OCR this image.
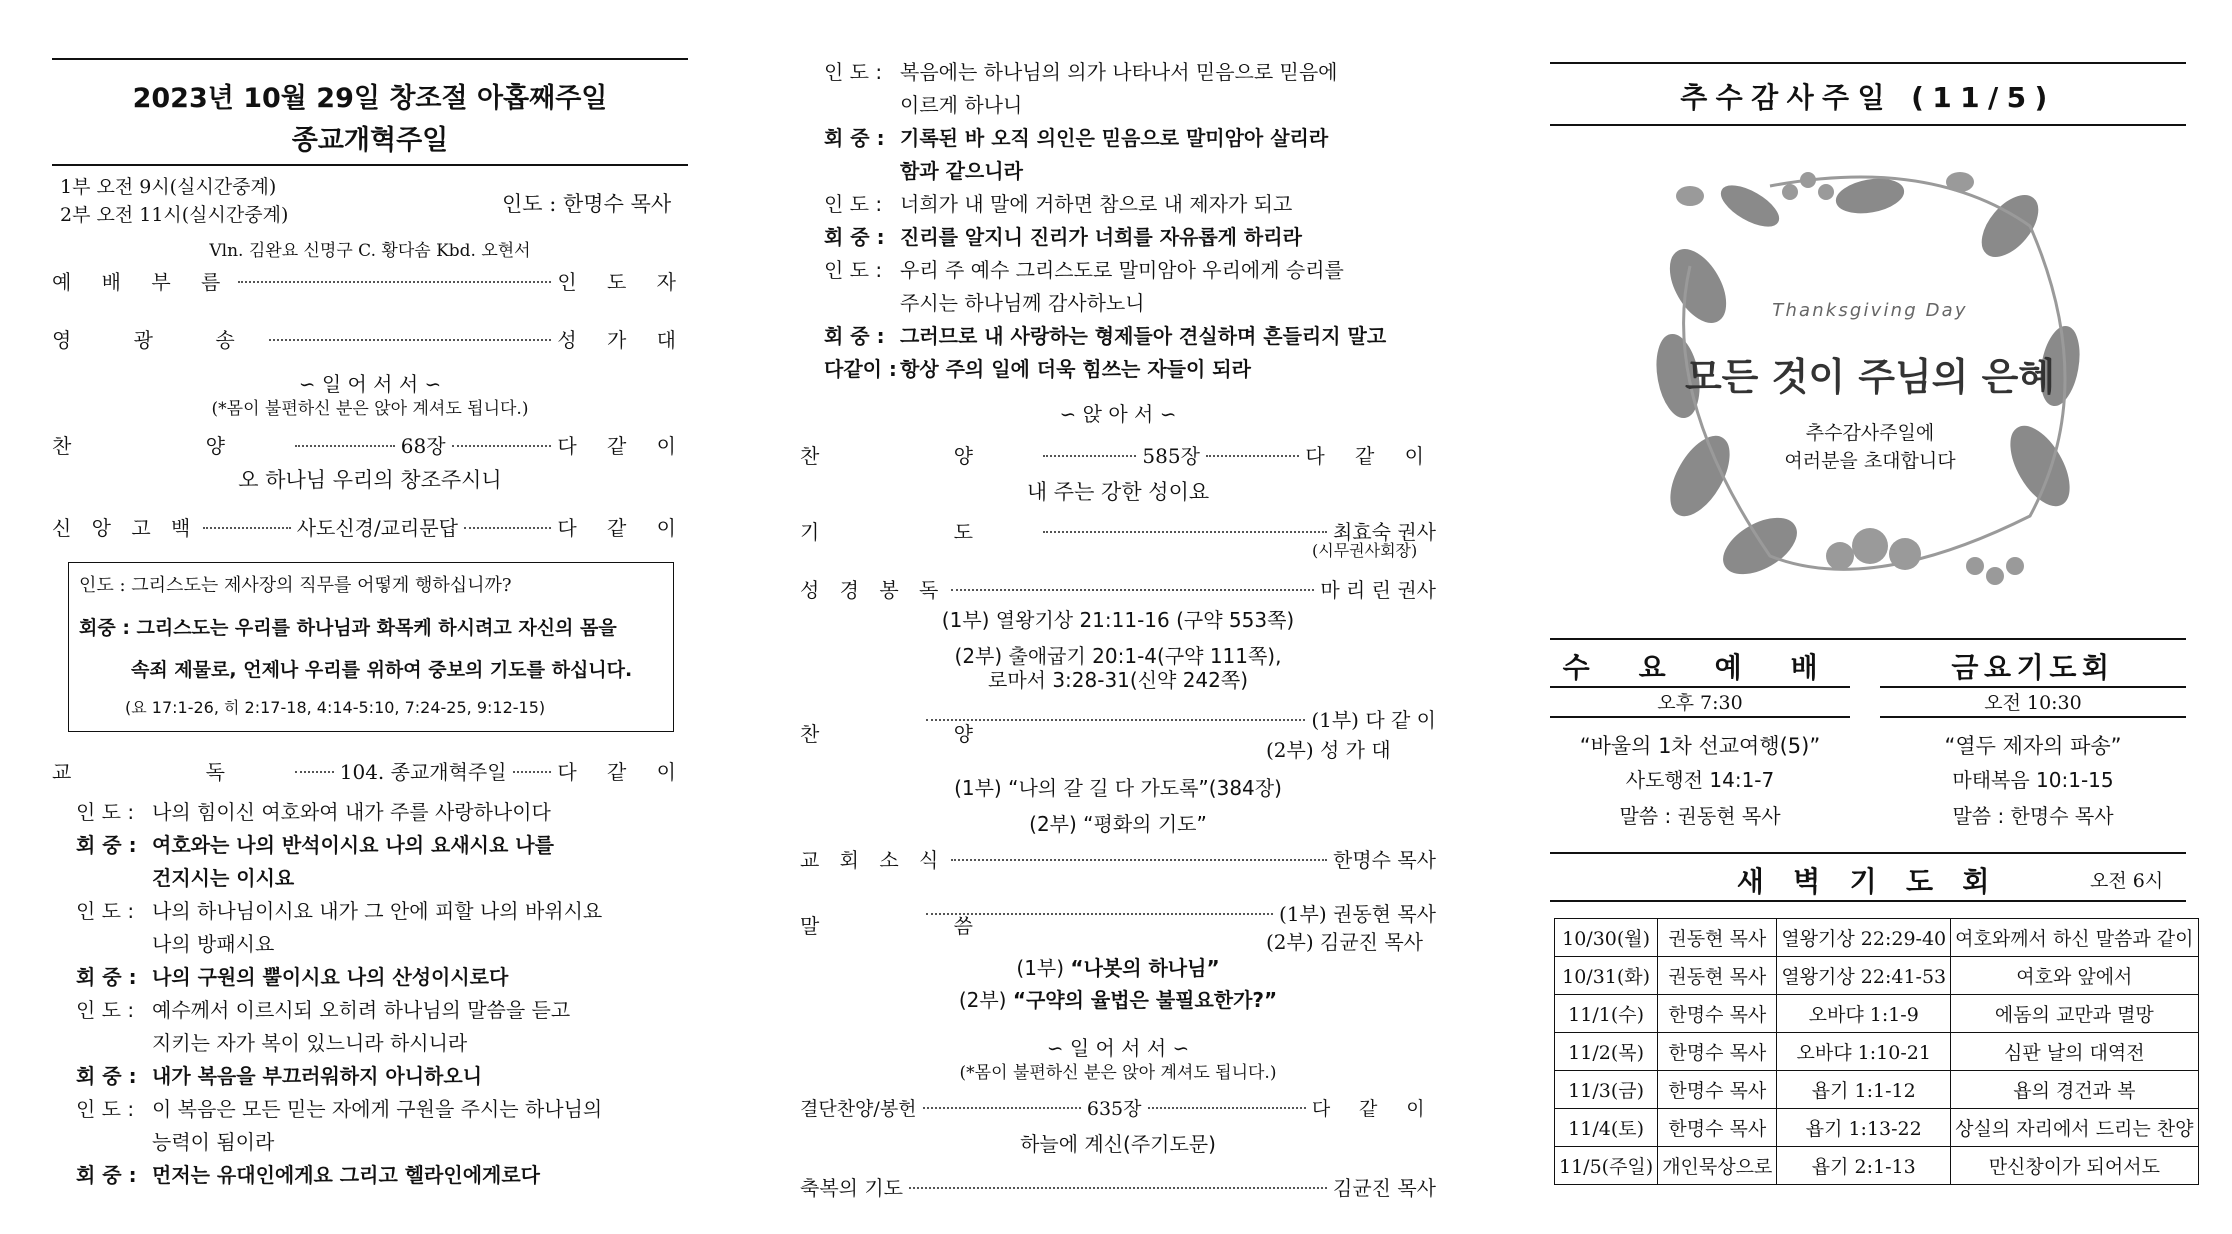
2023년 10월 29일 창조절 아홉째주일
종교개혁주일
1부 오전 9시(실시간중계)
2부 오전 11시(실시간중계)	인도 : 한명수 목사
Vln. 김완요 신명구 C. 황다솜 Kbd. 오현서
예 배 부 름	인 도 자
영 광 송	성 가 대
∽ 일 어 서 서 ∽
(*몸이 불편하신 분은 앉아 계셔도 됩니다.)
찬 양	68장	다 같 이
오 하나님 우리의 창조주시니
신 앙 고 백	사도신경/교리문답	다 같 이
인도 : 그리스도는 제사장의 직무를 어떻게 행하십니까?
회중 : 그리스도는 우리를 하나님과 화목케 하시려고 자신의 몸을
속죄 제물로, 언제나 우리를 위하여 중보의 기도를 하십니다.
(요 17:1-26, 히 2:17-18, 4:14-5:10, 7:24-25, 9:12-15)
교 독	104. 종교개혁주일	다 같 이
인 도 : 나의 힘이신 여호와여 내가 주를 사랑하나이다
회 중 : 여호와는 나의 반석이시요 나의 요새시요 나를
건지시는 이시요
인 도 : 나의 하나님이시요 내가 그 안에 피할 나의 바위시요
나의 방패시요
회 중 : 나의 구원의 뿔이시요 나의 산성이시로다
인 도 : 예수께서 이르시되 오히려 하나님의 말씀을 듣고
지키는 자가 복이 있느니라 하시니라
회 중 : 내가 복음을 부끄러워하지 아니하오니
인 도 : 이 복음은 모든 믿는 자에게 구원을 주시는 하나님의
능력이 됨이라
회 중 : 먼저는 유대인에게요 그리고 헬라인에게로다
인 도 : 복음에는 하나님의 의가 나타나서 믿음으로 믿음에
이르게 하나니
회 중 : 기록된 바 오직 의인은 믿음으로 말미암아 살리라
함과 같으니라
인 도 : 너희가 내 말에 거하면 참으로 내 제자가 되고
회 중 : 진리를 알지니 진리가 너희를 자유롭게 하리라
인 도 : 우리 주 예수 그리스도로 말미암아 우리에게 승리를
주시는 하나님께 감사하노니
회 중 : 그러므로 내 사랑하는 형제들아 견실하며 흔들리지 말고
다같이 : 항상 주의 일에 더욱 힘쓰는 자들이 되라
∽ 앉 아 서 ∽
찬 양	585장	다 같 이
내 주는 강한 성이요
기 도	최효숙 권사
(시무권사회장)
성 경 봉 독	마 리 린 권사
(1부) 열왕기상 21:11-16 (구약 553쪽)
(2부) 출애굽기 20:1-4(구약 111쪽),
로마서 3:28-31(신약 242쪽)
찬 양
(1부) 다 같 이
(2부) 성 가 대
(1부) “나의 갈 길 다 가도록”(384장)
(2부) “평화의 기도”
교 회 소 식	한명수 목사
말 씀	(1부) 권동현 목사
(2부) 김균진 목사
(1부) “나봇의 하나님”
(2부) “구약의 율법은 불필요한가?”
∽ 일 어 서 서 ∽
(*몸이 불편하신 분은 앉아 계셔도 됩니다.)
결단찬양/봉헌	635장	다 같 이
하늘에 계신(주기도문)
축복의 기도	김균진 목사
추수감사주일 (11/5)
Thanksgiving Day
모든 것이 주님의 은혜
추수감사주일에
여러분을 초대합니다
수 요 예 배	금요기도회
오후 7:30	오전 10:30
“바울의 1차 선교여행(5)”	“열두 제자의 파송”
사도행전 14:1-7	마태복음 10:1-15
말씀 : 권동현 목사	말씀 : 한명수 목사
새 벽 기 도 회	오전 6시
10/30(월)	권동현 목사	열왕기상 22:29-40	여호와께서 하신 말씀과 같이
10/31(화)	권동현 목사	열왕기상 22:41-53	여호와 앞에서
11/1(수)	한명수 목사	오바댜 1:1-9	에돔의 교만과 멸망
11/2(목)	한명수 목사	오바댜 1:10-21	심판 날의 대역전
11/3(금)	한명수 목사	욥기 1:1-12	욥의 경건과 복
11/4(토)	한명수 목사	욥기 1:13-22	상실의 자리에서 드리는 찬양
11/5(주일)	개인묵상으로	욥기 2:1-13	만신창이가 되어서도
